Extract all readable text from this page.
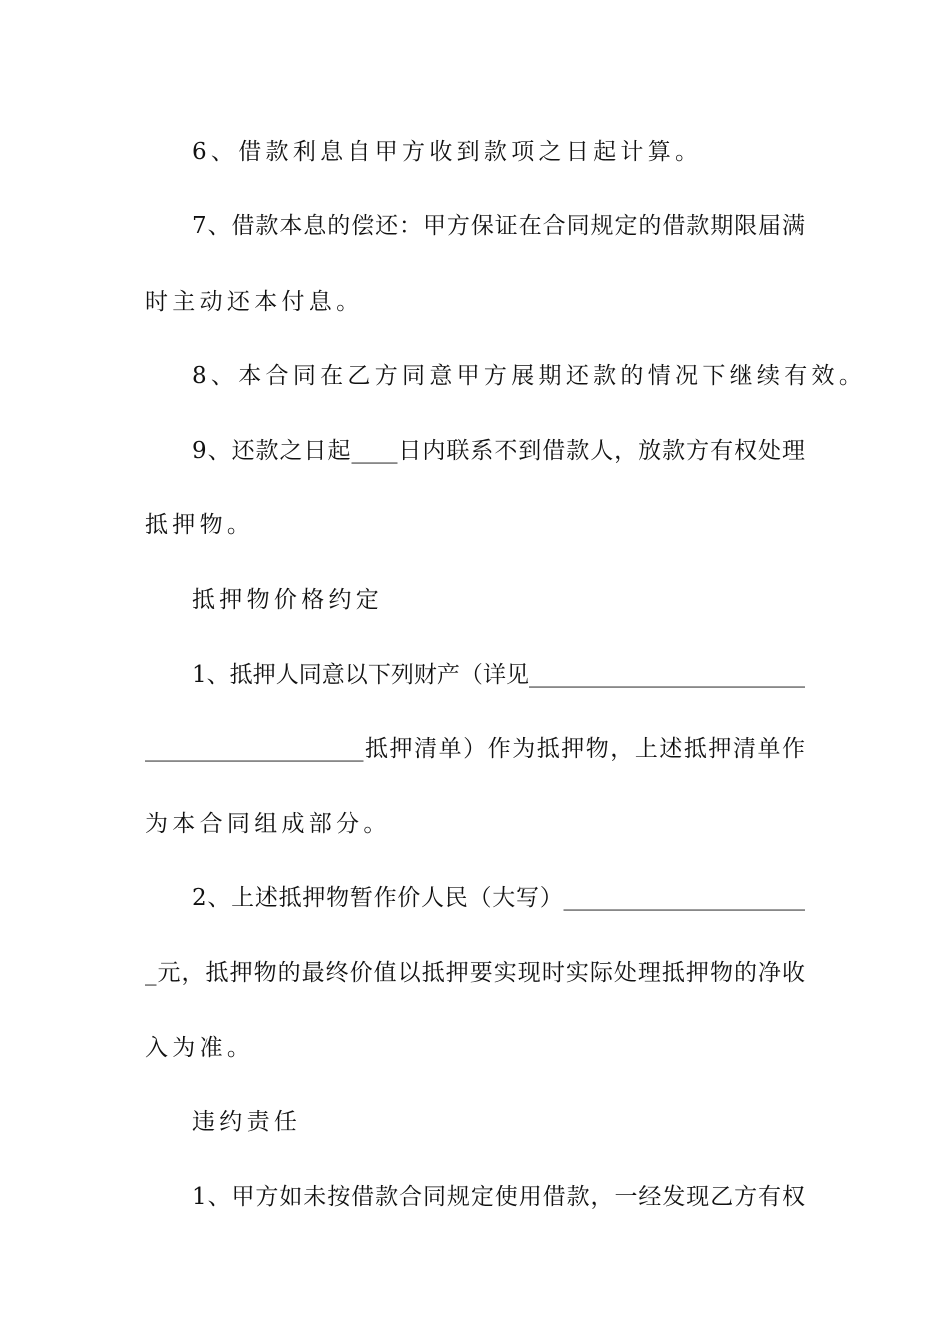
6、借款利息自甲方收到款项之日起计算。
7、借款本息的偿还：甲方保证在合同规定的借款期限届满
时主动还本付息。
8、本合同在乙方同意甲方展期还款的情况下继续有效。
9、还款之日起____日内联系不到借款人，放款方有权处理
抵押物。
抵押物价格约定
1、抵押人同意以下列财产（详见________________________
___________________抵押清单）作为抵押物，上述抵押清单作
为本合同组成部分。
2、上述抵押物暂作价人民（大写）_____________________
_元，抵押物的最终价值以抵押要实现时实际处理抵押物的净收
入为准。
违约责任
1、甲方如未按借款合同规定使用借款，一经发现乙方有权
